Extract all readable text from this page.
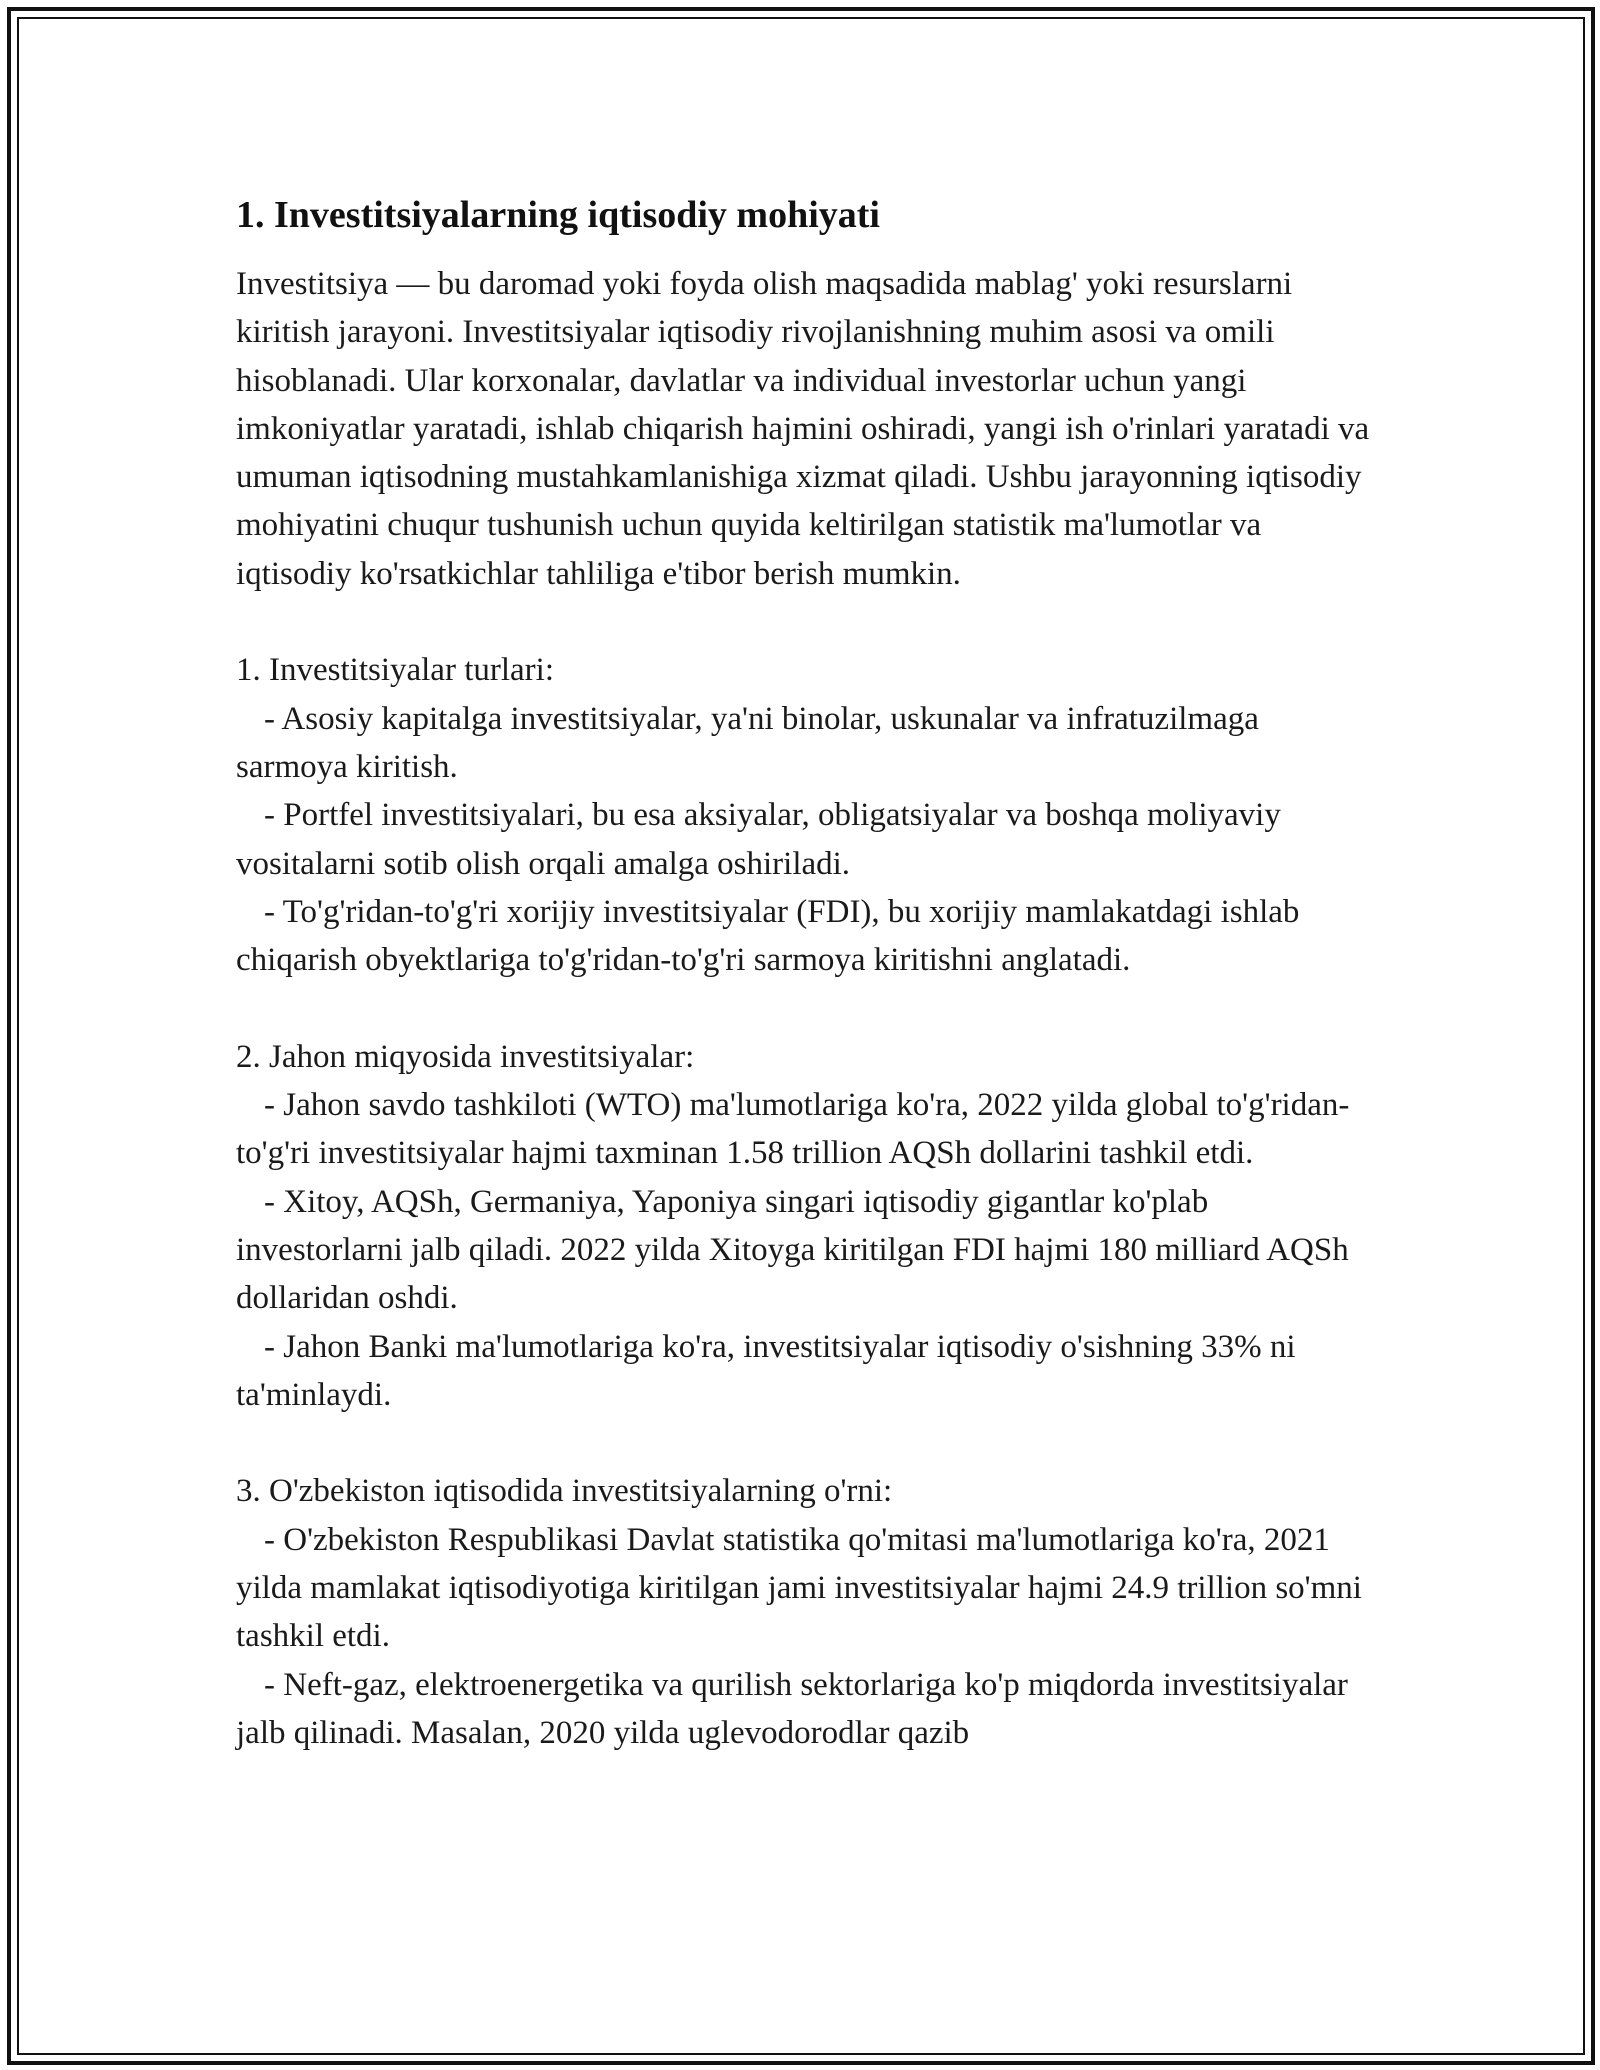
1. Investitsiyalarning iqtisodiy mohiyati

Investitsiya — bu daromad yoki foyda olish maqsadida mablag' yoki resurslarni kiritish jarayoni. Investitsiyalar iqtisodiy rivojlanishning muhim asosi va omili hisoblanadi. Ular korxonalar, davlatlar va individual investorlar uchun yangi imkoniyatlar yaratadi, ishlab chiqarish hajmini oshiradi, yangi ish o'rinlari yaratadi va umuman iqtisodning mustahkamlanishiga xizmat qiladi. Ushbu jarayonning iqtisodiy mohiyatini chuqur tushunish uchun quyida keltirilgan statistik ma'lumotlar va iqtisodiy ko'rsatkichlar tahliliga e'tibor berish mumkin.

1. Investitsiyalar turlari:

- Asosiy kapitalga investitsiyalar, ya'ni binolar, uskunalar va infratuzilmaga sarmoya kiritish.

- Portfel investitsiyalari, bu esa aksiyalar, obligatsiyalar va boshqa moliyaviy vositalarni sotib olish orqali amalga oshiriladi.

- To'g'ridan-to'g'ri xorijiy investitsiyalar (FDI), bu xorijiy mamlakatdagi ishlab chiqarish obyektlariga to'g'ridan-to'g'ri sarmoya kiritishni anglatadi.

2. Jahon miqyosida investitsiyalar:

- Jahon savdo tashkiloti (WTO) ma'lumotlariga ko'ra, 2022 yilda global to'g'ridan-to'g'ri investitsiyalar hajmi taxminan 1.58 trillion AQSh dollarini tashkil etdi.

- Xitoy, AQSh, Germaniya, Yaponiya singari iqtisodiy gigantlar ko'plab investorlarni jalb qiladi. 2022 yilda Xitoyga kiritilgan FDI hajmi 180 milliard AQSh dollaridan oshdi.

- Jahon Banki ma'lumotlariga ko'ra, investitsiyalar iqtisodiy o'sishning 33% ni ta'minlaydi.

3. O'zbekiston iqtisodida investitsiyalarning o'rni:

- O'zbekiston Respublikasi Davlat statistika qo'mitasi ma'lumotlariga ko'ra, 2021 yilda mamlakat iqtisodiyotiga kiritilgan jami investitsiyalar hajmi 24.9 trillion so'mni tashkil etdi.

- Neft-gaz, elektroenergetika va qurilish sektorlariga ko'p miqdorda investitsiyalar jalb qilinadi. Masalan, 2020 yilda uglevodorodlar qazib
